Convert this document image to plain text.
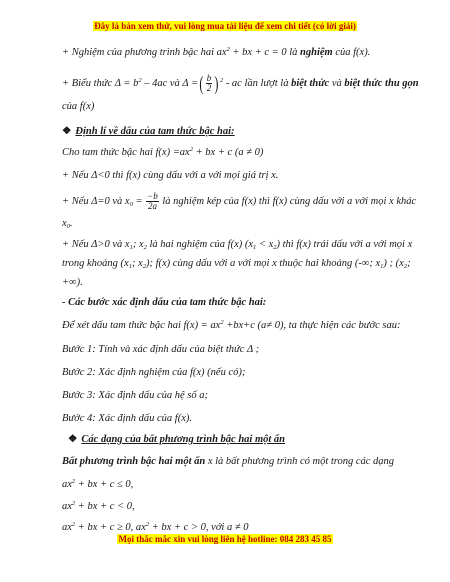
Đây là bản xem thử, vui lòng mua tài liệu để xem chi tiết (có lời giải)
+ Nghiệm của phương trình bậc hai $ax^2$ + bx + c = 0 là nghiệm của f(x).
+ Biểu thức $\Delta = b^2 - 4ac$ và Δ =( $\frac{b}{2} )^2$ - ac lần lượt là biệt thức và biệt thức thu gọn
của f(x)
❖ Định lí về dấu của tam thức bậc hai:
Cho tam thức bậc hai $f(x) =ax^2$ + bx + c (a ≠ 0)
+ Nếu Δ<0 thì f(x) cùng dấu với a với mọi giá trị x.
+ Nếu Δ=0 và $x_0 = \frac{-b}{2a}$ là nghiệm kép của f(x) thì f(x) cùng dấu với a với mọi x khác
$x_0$.
+ Nếu Δ>0 và $x_1$; $x_2$ là hai nghiệm của f(x) $(x_1 < x_2)$ thì f(x) trái dấu với a với mọi x
trong khoảng ($x_1$; $x_2$); f(x) cùng dấu với a với mọi x thuộc hai khoảng (-∞; $x_1$) ; ($x_2$;
+∞).
- Các bước xác định dấu của tam thức bậc hai:
Để xét dấu tam thức bậc hai $f(x) = ax^2 +bx+c$ (a≠ 0), ta thực hiện các bước sau:
Bước 1: Tính và xác định dấu của biệt thức Δ ;
Bước 2: Xác định nghiệm của f(x) (nếu có);
Bước 3: Xác định dấu của hệ số a;
Bước 4: Xác định dấu của f(x).
❖ Các dạng của bất phương trình bậc hai một ẩn
Bất phương trình bậc hai một ẩn x là bất phương trình có một trong các dạng
$ax^2$ + bx + c ≤ 0,
$ax^2$ + bx + c < 0,
$ax^2$ + bx + c ≥ 0, $ax^2$ + bx + c > 0, với a ≠ 0
Mọi thắc mắc xin vui lòng liên hệ hotline: 084 283 45 85
